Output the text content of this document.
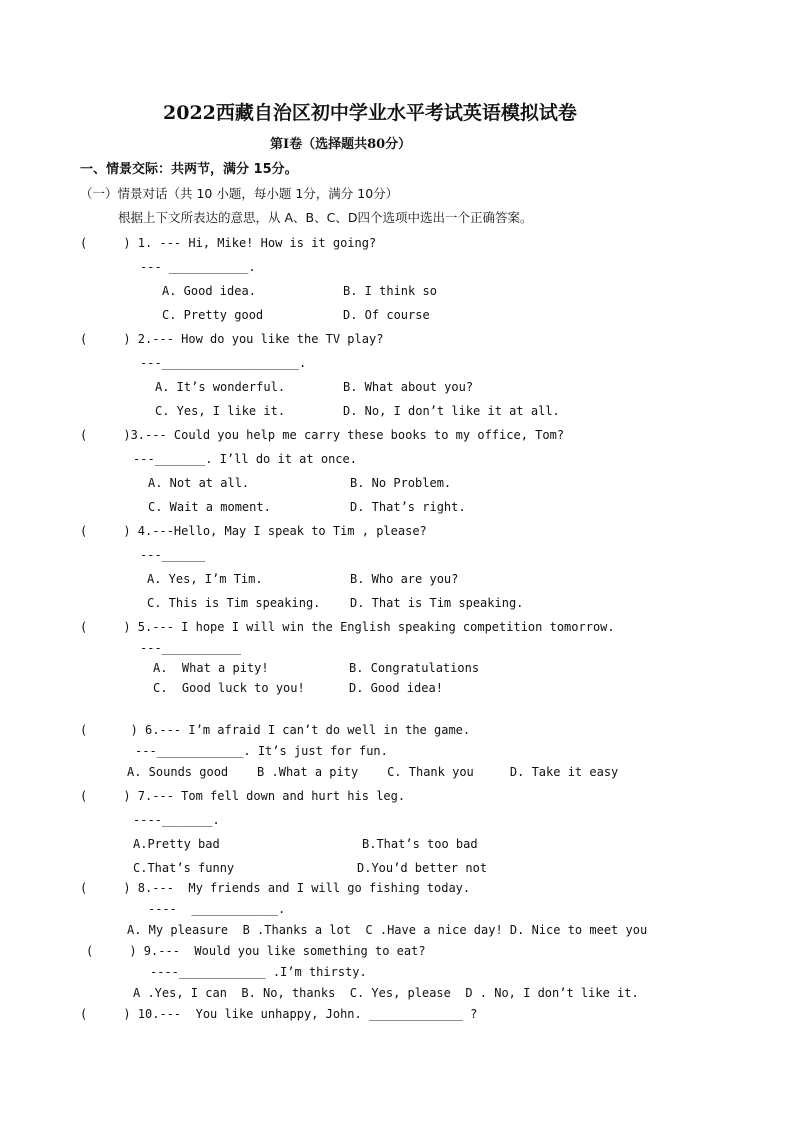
2022西藏自治区初中学业水平考试英语模拟试卷
第Ⅰ卷（选择题共80分）
一、情景交际：共两节，满分 15分。
（一）情景对话（共 10 小题，每小题 1分，满分 10分）
根据上下文所表达的意思，从 A、B、C、D四个选项中选出一个正确答案。
(     ) 1. --- Hi, Mike! How is it going?
--- ___________.
A. Good idea.	B. I think so
C. Pretty good	D. Of course
(     ) 2.--- How do you like the TV play?
---___________________.
A. It’s wonderful.	B. What about you?
C. Yes, I like it.	D. No, I don’t like it at all.
(     )3.--- Could you help me carry these books to my office, Tom?
---_______. I’ll do it at once.
A. Not at all.	B. No Problem.
C. Wait a moment.	D. That’s right.
(     ) 4.---Hello, May I speak to Tim , please?
---______
A. Yes, I’m Tim.	B. Who are you?
C. This is Tim speaking. D. That is Tim speaking.
(     ) 5.--- I hope I will win the English speaking competition tomorrow.
---___________
A.  What a pity!	B. Congratulations
C.  Good luck to you!	D. Good idea!
(      ) 6.--- I’m afraid I can’t do well in the game.
---____________. It’s just for fun.
A. Sounds good    B .What a pity    C. Thank you     D. Take it easy
(     ) 7.--- Tom fell down and hurt his leg.
----_______.
A.Pretty bad	B.That’s too bad
C.That’s funny	D.You’d better not
(     ) 8.---  My friends and I will go fishing today.
----  ____________.
A. My pleasure  B .Thanks a lot  C .Have a nice day! D. Nice to meet you
(     ) 9.---  Would you like something to eat?
----____________ .I’m thirsty.
A .Yes, I can  B. No, thanks  C. Yes, please  D . No, I don’t like it.
(     ) 10.---  You like unhappy, John. _____________ ?
